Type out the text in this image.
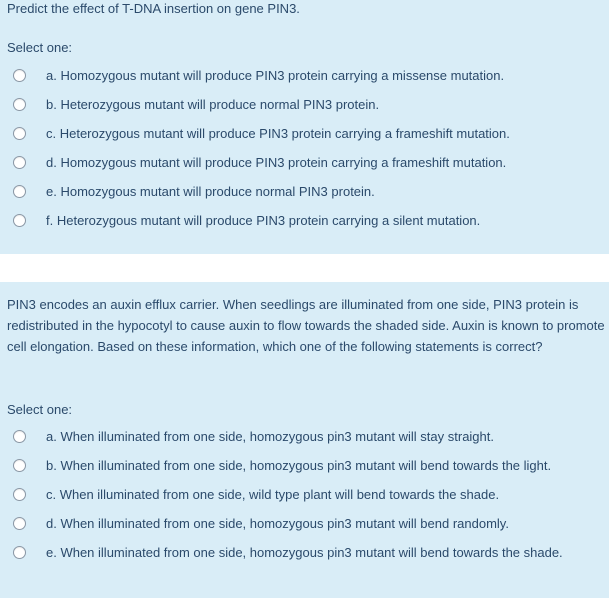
Predict the effect of T-DNA insertion on gene PIN3.
Select one:
a. Homozygous mutant will produce PIN3 protein carrying a missense mutation.
b. Heterozygous mutant will produce normal PIN3 protein.
c. Heterozygous mutant will produce PIN3 protein carrying a frameshift mutation.
d. Homozygous mutant will produce PIN3 protein carrying a frameshift mutation.
e. Homozygous mutant will produce normal PIN3 protein.
f. Heterozygous mutant will produce PIN3 protein carrying a silent mutation.
PIN3 encodes an auxin efflux carrier. When seedlings are illuminated from one side, PIN3 protein is redistributed in the hypocotyl to cause auxin to flow towards the shaded side. Auxin is known to promote cell elongation. Based on these information, which one of the following statements is correct?
Select one:
a. When illuminated from one side, homozygous pin3 mutant will stay straight.
b. When illuminated from one side, homozygous pin3 mutant will bend towards the light.
c. When illuminated from one side, wild type plant will bend towards the shade.
d. When illuminated from one side, homozygous pin3 mutant will bend randomly.
e. When illuminated from one side, homozygous pin3 mutant will bend towards the shade.
